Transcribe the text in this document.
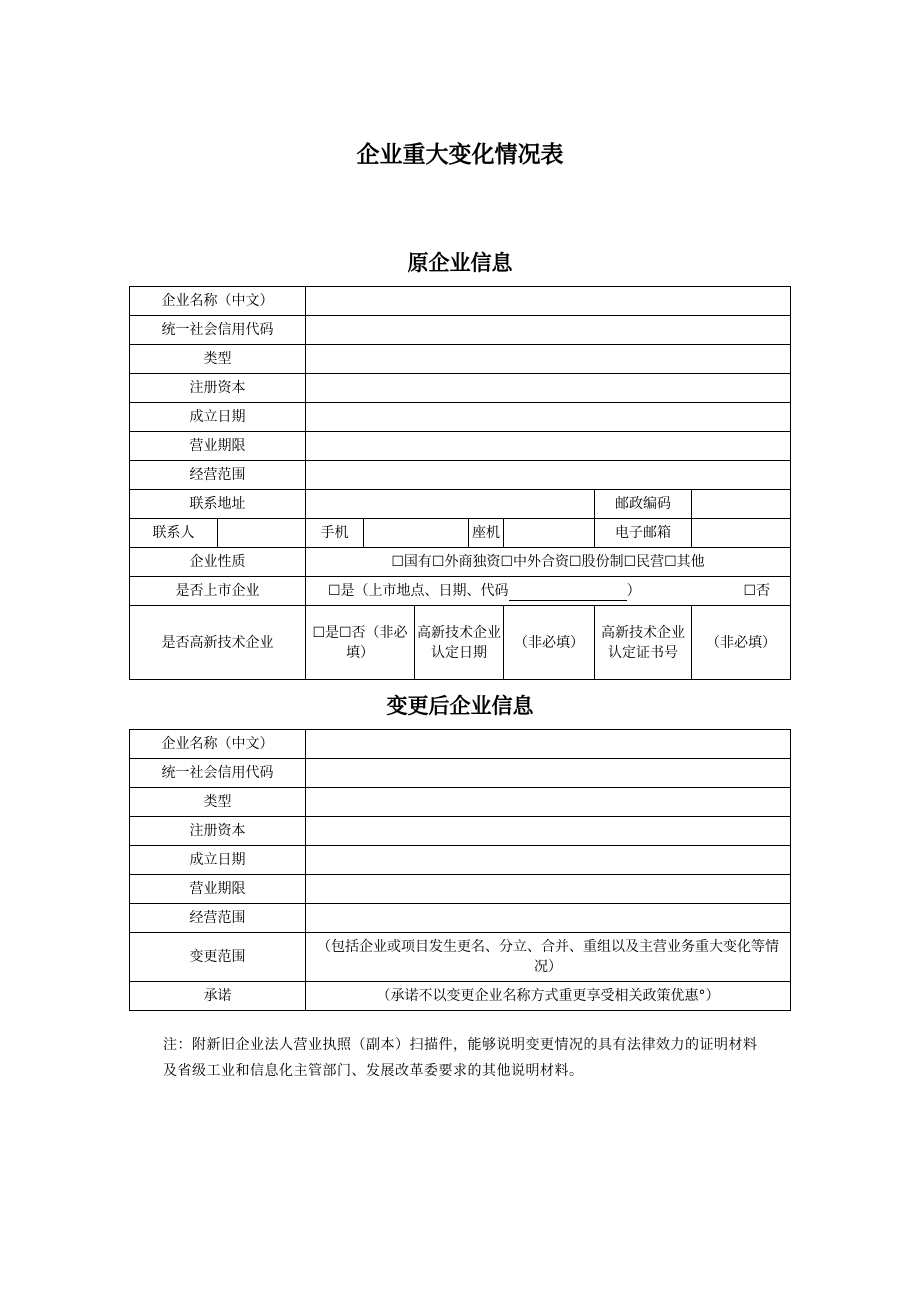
企业重大变化情况表
原企业信息
企业名称（中文）								
统一社会信用代码								
类型								
注册资本								
成立日期								
营业期限								
经营范围								
联系地址							邮政编码	
联系人		手机			座机		电子邮箱	
企业性质		☐国有☐外商独资☐中外合资☐股份制☐民营☐其他						
是否上市企业		☐是（上市地点、日期、代码 ） ☐否						

是否高新技术企业		☐是☐否（非必填）		高新技术企业认定日期		（非必填）	高新技术企业认定证书号	（非必填）
变更后企业信息
企业名称（中文）	
统一社会信用代码	
类型	
注册资本	
成立日期	
营业期限	
经营范围	
变更范围	（包括企业或项目发生更名、分立、合并、重组以及主营业务重大变化等情况）
承诺	（承诺不以变更企业名称方式重更享受相关政策优惠°）
注：附新旧企业法人营业执照（副本）扫描件，能够说明变更情况的具有法律效力的证明材料及省级工业和信息化主管部门、发展改革委要求的其他说明材料。
